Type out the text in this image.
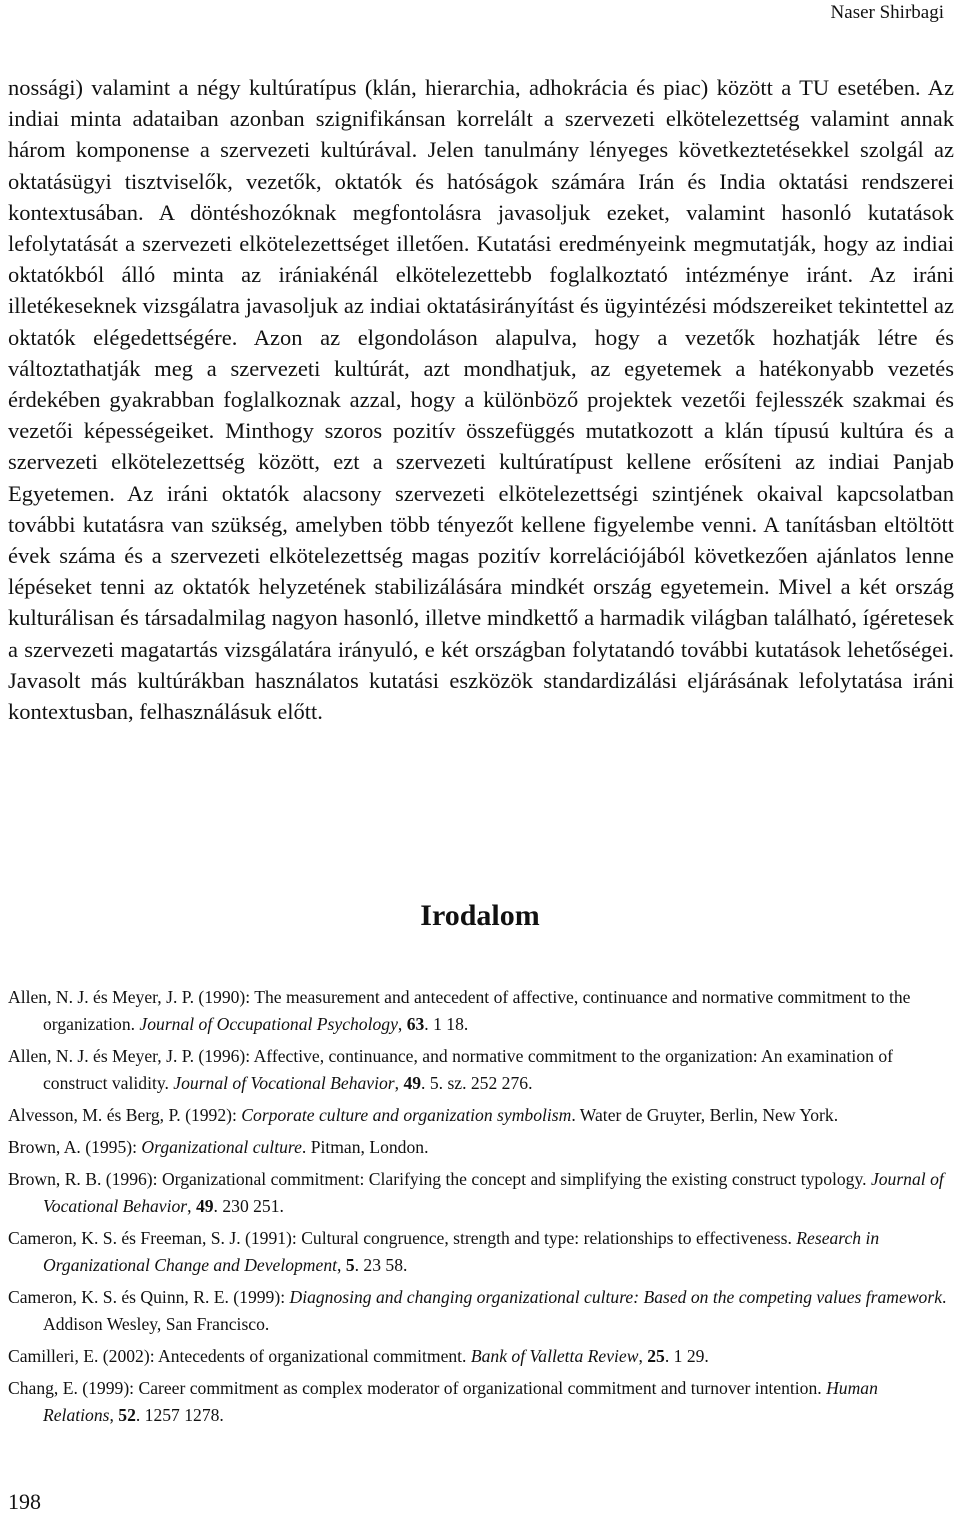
Naser Shirbagi

nossági) valamint a négy kultúratípus (klán, hierarchia, adhokrácia és piac) között a TU esetében. Az indiai minta adataiban azonban szignifikánsan korrelált a szervezeti elkötelezettség valamint annak három komponense a szervezeti kultúrával. Jelen tanulmány lényeges következtetésekkel szolgál az oktatásügyi tisztviselők, vezetők, oktatók és hatóságok számára Irán és India oktatási rendszerei kontextusában. A döntéshozóknak megfontolásra javasoljuk ezeket, valamint hasonló kutatások lefolytatását a szervezeti elkötelezettséget illetően. Kutatási eredményeink megmutatják, hogy az indiai oktatókból álló minta az irániakénál elkötelezettebb foglalkoztató intézménye iránt. Az iráni illetékeseknek vizsgálatra javasoljuk az indiai oktatásirányítást és ügyintézési módszereiket tekintettel az oktatók elégedettségére. Azon az elgondoláson alapulva, hogy a vezetők hozhatják létre és változtathatják meg a szervezeti kultúrát, azt mondhatjuk, az egyetemek a hatékonyabb vezetés érdekében gyakrabban foglalkoznak azzal, hogy a különböző projektek vezetői fejlesszék szakmai és vezetői képességeiket. Minthogy szoros pozitív összefüggés mutatkozott a klán típusú kultúra és a szervezeti elkötelezettség között, ezt a szervezeti kultúratípust kellene erősíteni az indiai Panjab Egyetemen. Az iráni oktatók alacsony szervezeti elkötelezettségi szintjének okaival kapcsolatban további kutatásra van szükség, amelyben több tényezőt kellene figyelembe venni. A tanításban eltöltött évek száma és a szervezeti elkötelezettség magas pozitív korrelációjából következően ajánlatos lenne lépéseket tenni az oktatók helyzetének stabilizálására mindkét ország egyetemein. Mivel a két ország kulturálisan és társadalmilag nagyon hasonló, illetve mindkettő a harmadik világban található, ígéretesek a szervezeti magatartás vizsgálatára irányuló, e két országban folytatandó további kutatások lehetőségei. Javasolt más kultúrákban használatos kutatási eszközök standardizálási eljárásának lefolytatása iráni kontextusban, felhasználásuk előtt.

Irodalom
Allen, N. J. és Meyer, J. P. (1990): The measurement and antecedent of affective, continuance and normative commitment to the organization. Journal of Occupational Psychology, 63. 1 18.
Allen, N. J. és Meyer, J. P. (1996): Affective, continuance, and normative commitment to the organization: An examination of construct validity. Journal of Vocational Behavior, 49. 5. sz. 252 276.
Alvesson, M. és Berg, P. (1992): Corporate culture and organization symbolism. Water de Gruyter, Berlin, New York.
Brown, A. (1995): Organizational culture. Pitman, London.
Brown, R. B. (1996): Organizational commitment: Clarifying the concept and simplifying the existing construct typology. Journal of Vocational Behavior, 49. 230 251.
Cameron, K. S. és Freeman, S. J. (1991): Cultural congruence, strength and type: relationships to effectiveness. Research in Organizational Change and Development, 5. 23 58.
Cameron, K. S. és Quinn, R. E. (1999): Diagnosing and changing organizational culture: Based on the competing values framework. Addison Wesley, San Francisco.
Camilleri, E. (2002): Antecedents of organizational commitment. Bank of Valletta Review, 25. 1 29.
Chang, E. (1999): Career commitment as complex moderator of organizational commitment and turnover intention. Human Relations, 52. 1257 1278.
198
